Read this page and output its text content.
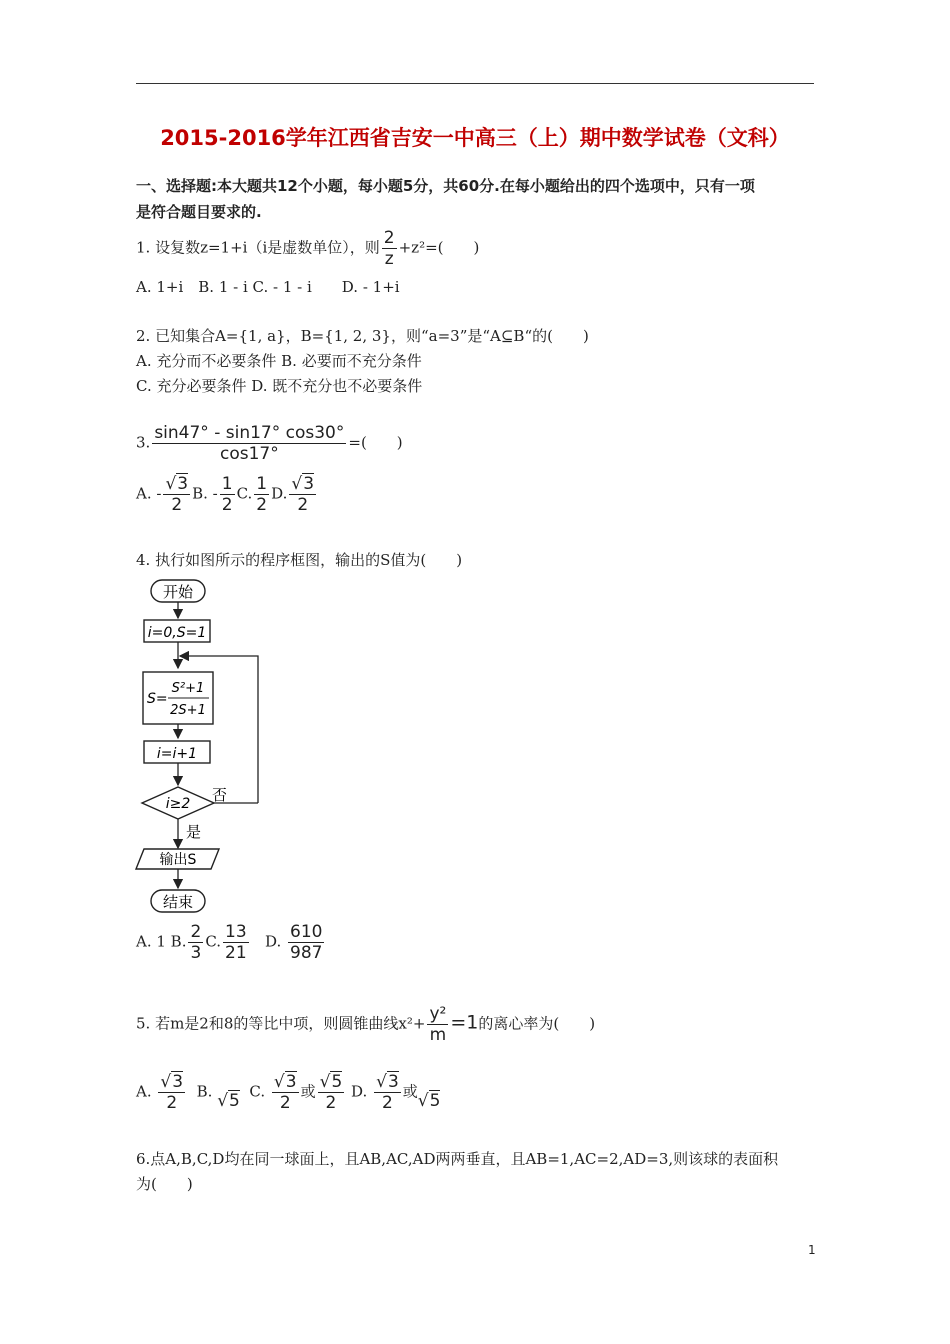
2015-2016学年江西省吉安一中高三（上）期中数学试卷（文科）
一、选择题:本大题共12个小题，每小题5分，共60分.在每小题给出的四个选项中，只有一项
是符合题目要求的.
1. 设复数z=1+i（i是虚数单位），则 $\frac{2}{z} +z^2=$(　　)
A. 1+i　B. 1 - i C. - 1 - i　　D. - 1+i
2. 已知集合A={1, a}，B={1, 2, 3}，则“a=3”是“A⊆B“的(　　)
A. 充分而不必要条件 B. 必要而不充分条件
C. 充分必要条件 D. 既不充分也不必要条件
3. $\frac{\sin 47^\circ - \sin 17^\circ \cos 30^\circ}{\cos 17^\circ}$ =(　　)
A. - $\frac{√3}{2} B$. - $\frac{1}{2} C$. $\frac{1}{2} D$. $\frac{√3}{2}$
4. 执行如图所示的程序框图，输出的S值为(　　)
开始
i=0,S=1
S=
S²+1
2S+1
i=i+1
i≥2 否
是
输出S
结束
A. 1 B. $\frac{2}{3} C$. $\frac{13}{21} D$. $\frac{610}{987}$
5. 若m是2和8的等比中项，则圆锥曲线$x^2+ \frac{\text{y²}}{m} =1$的离心率为(　　)
A. $\frac{√3}{2} B$. √5 C. $\frac{√3}{2}$ 或 $\frac{√5}{2} D$. $\frac{√3}{2}$ 或√5
6.点A,B,C,D均在同一球面上，且AB,AC,AD两两垂直，且AB=1,AC=2,AD=3,则该球的表面积
为(　　)
1
